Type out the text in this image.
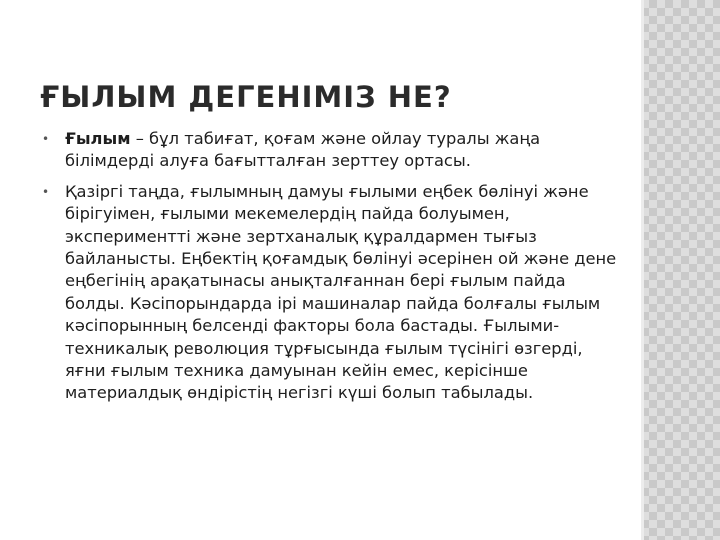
ҒЫЛЫМ ДЕГЕНІМІЗ НЕ?
• Ғылым – бұл табиғат, қоғам және ойлау туралы жаңа білімдерді алуға бағытталған зерттеу ортасы.
• Қазіргі таңда, ғылымның дамуы ғылыми еңбек бөлінуі және бірігуімен, ғылыми мекемелердің пайда болуымен, эксперименттi және зертханалық құралдармен тығыз байланысты. Еңбектің қоғамдық бөлінуі әсерінен ой және дене еңбегінің арақатынасы анықталғаннан бері ғылым пайда болды. Кәсіпорындарда ірі машиналар пайда болғалы ғылым кәсіпорынның белсенді факторы бола бастады. Ғылыми-техникалық революция тұрғысында ғылым түсінігі өзгерді, яғни ғылым техника дамуынан кейін емес, керісінше материалдық өндірістің негізгі күші болып табылады.
